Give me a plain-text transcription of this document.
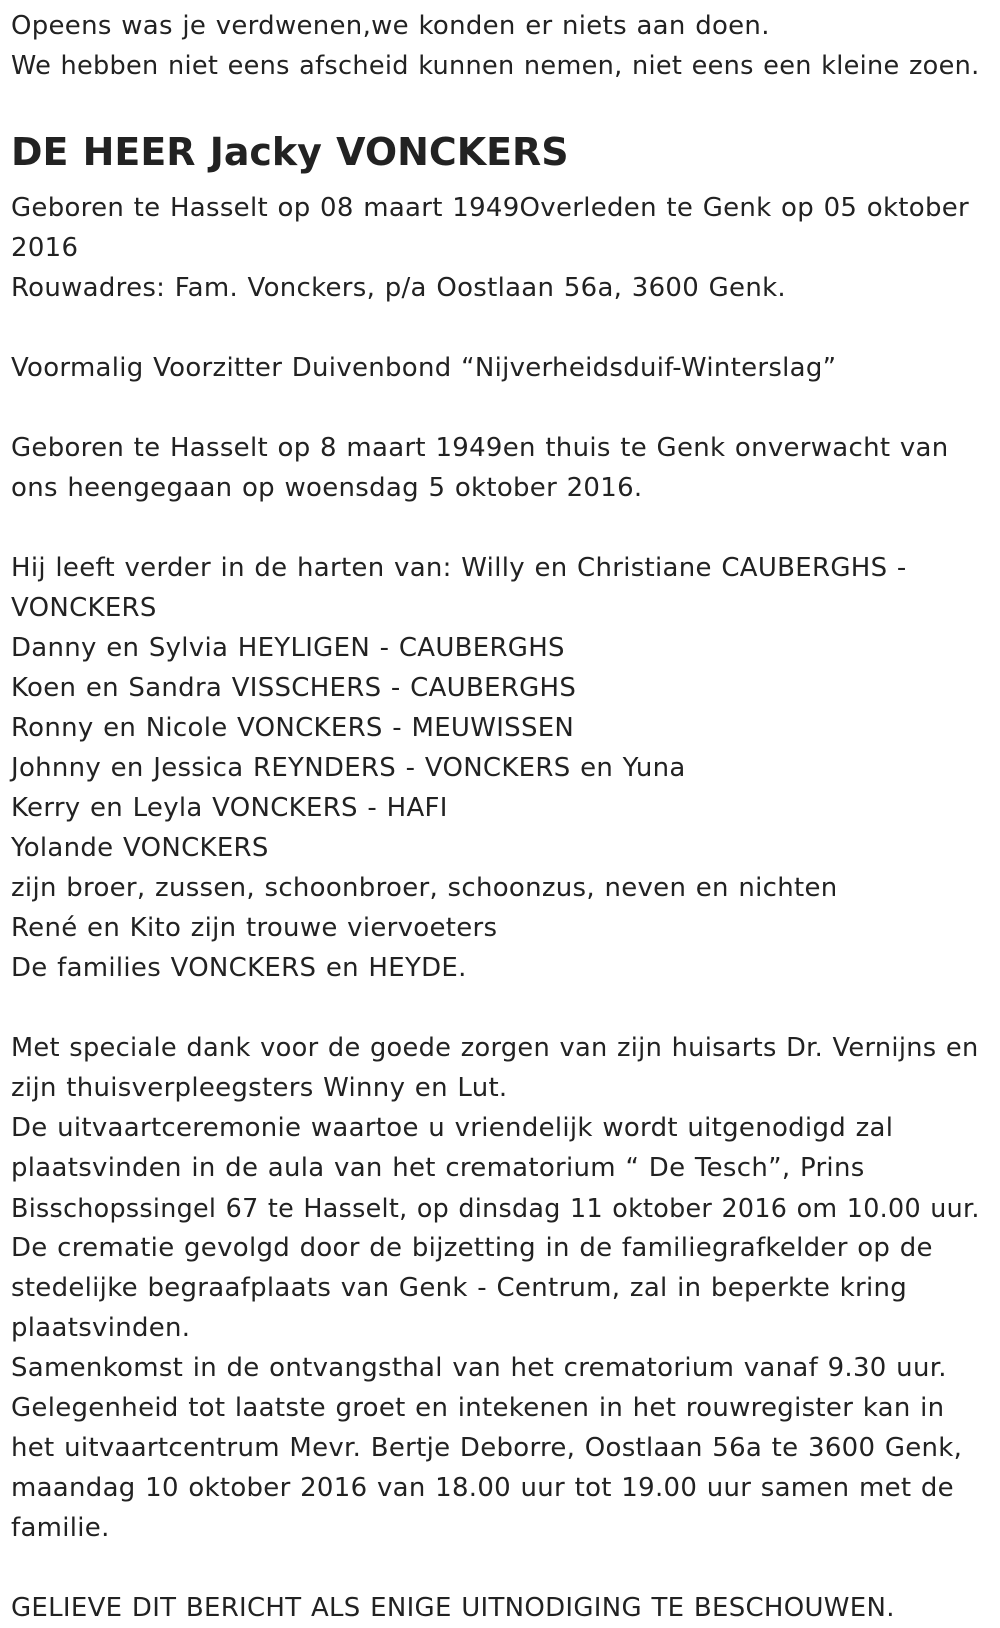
Opeens was je verdwenen,we konden er niets aan doen.
We hebben niet eens afscheid kunnen nemen, niet eens een kleine zoen.
DE HEER Jacky VONCKERS
Geboren te Hasselt op 08 maart 1949Overleden te Genk op 05 oktober
2016
Rouwadres: Fam. Vonckers, p/a Oostlaan 56a, 3600 Genk.
Voormalig Voorzitter Duivenbond “Nijverheidsduif-Winterslag”
Geboren te Hasselt op 8 maart 1949en thuis te Genk onverwacht van
ons heengegaan op woensdag 5 oktober 2016.
Hij leeft verder in de harten van: Willy en Christiane CAUBERGHS -
VONCKERS
Danny en Sylvia HEYLIGEN - CAUBERGHS
Koen en Sandra VISSCHERS - CAUBERGHS
Ronny en Nicole VONCKERS - MEUWISSEN
Johnny en Jessica REYNDERS - VONCKERS en Yuna
Kerry en Leyla VONCKERS - HAFI
Yolande VONCKERS
zijn broer, zussen, schoonbroer, schoonzus, neven en nichten
René en Kito zijn trouwe viervoeters
De families VONCKERS en HEYDE.
Met speciale dank voor de goede zorgen van zijn huisarts Dr. Vernijns en
zijn thuisverpleegsters Winny en Lut.
De uitvaartceremonie waartoe u vriendelijk wordt uitgenodigd zal
plaatsvinden in de aula van het crematorium “ De Tesch”, Prins
Bisschopssingel 67 te Hasselt, op dinsdag 11 oktober 2016 om 10.00 uur.
De crematie gevolgd door de bijzetting in de familiegrafkelder op de
stedelijke begraafplaats van Genk - Centrum, zal in beperkte kring
plaatsvinden.
Samenkomst in de ontvangsthal van het crematorium vanaf 9.30 uur.
Gelegenheid tot laatste groet en intekenen in het rouwregister kan in
het uitvaartcentrum Mevr. Bertje Deborre, Oostlaan 56a te 3600 Genk,
maandag 10 oktober 2016 van 18.00 uur tot 19.00 uur samen met de
familie.
GELIEVE DIT BERICHT ALS ENIGE UITNODIGING TE BESCHOUWEN.
